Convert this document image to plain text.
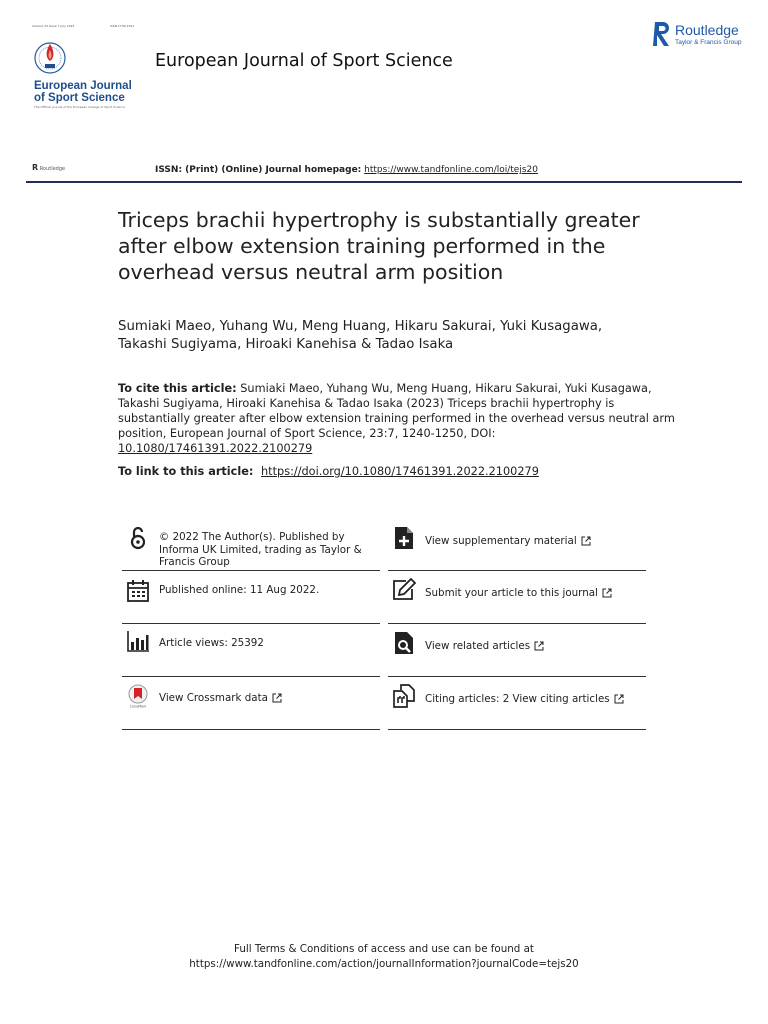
Volume 23 Issue 7 July 2023	ISSN 1746-1391
European Journal
of Sport Science
The Official Journal of the European College of Sport Science
European Journal of Sport Science
Routledge
Taylor & Francis Group
R Routledge	ISSN: (Print) (Online) Journal homepage: https://www.tandfonline.com/loi/tejs20
Triceps brachii hypertrophy is substantially greater after elbow extension training performed in the overhead versus neutral arm position
Sumiaki Maeo, Yuhang Wu, Meng Huang, Hikaru Sakurai, Yuki Kusagawa,
Takashi Sugiyama, Hiroaki Kanehisa & Tadao Isaka
To cite this article: Sumiaki Maeo, Yuhang Wu, Meng Huang, Hikaru Sakurai, Yuki Kusagawa, Takashi Sugiyama, Hiroaki Kanehisa & Tadao Isaka (2023) Triceps brachii hypertrophy is substantially greater after elbow extension training performed in the overhead versus neutral arm position, European Journal of Sport Science, 23:7, 1240-1250, DOI: 10.1080/17461391.2022.2100279
To link to this article: https://doi.org/10.1080/17461391.2022.2100279
© 2022 The Author(s). Published by Informa UK Limited, trading as Taylor & Francis Group
Published online: 11 Aug 2022.
Article views: 25392
CrossMark
View Crossmark data
View supplementary material
Submit your article to this journal
View related articles
Citing articles: 2 View citing articles
Full Terms & Conditions of access and use can be found at
https://www.tandfonline.com/action/journalInformation?journalCode=tejs20
